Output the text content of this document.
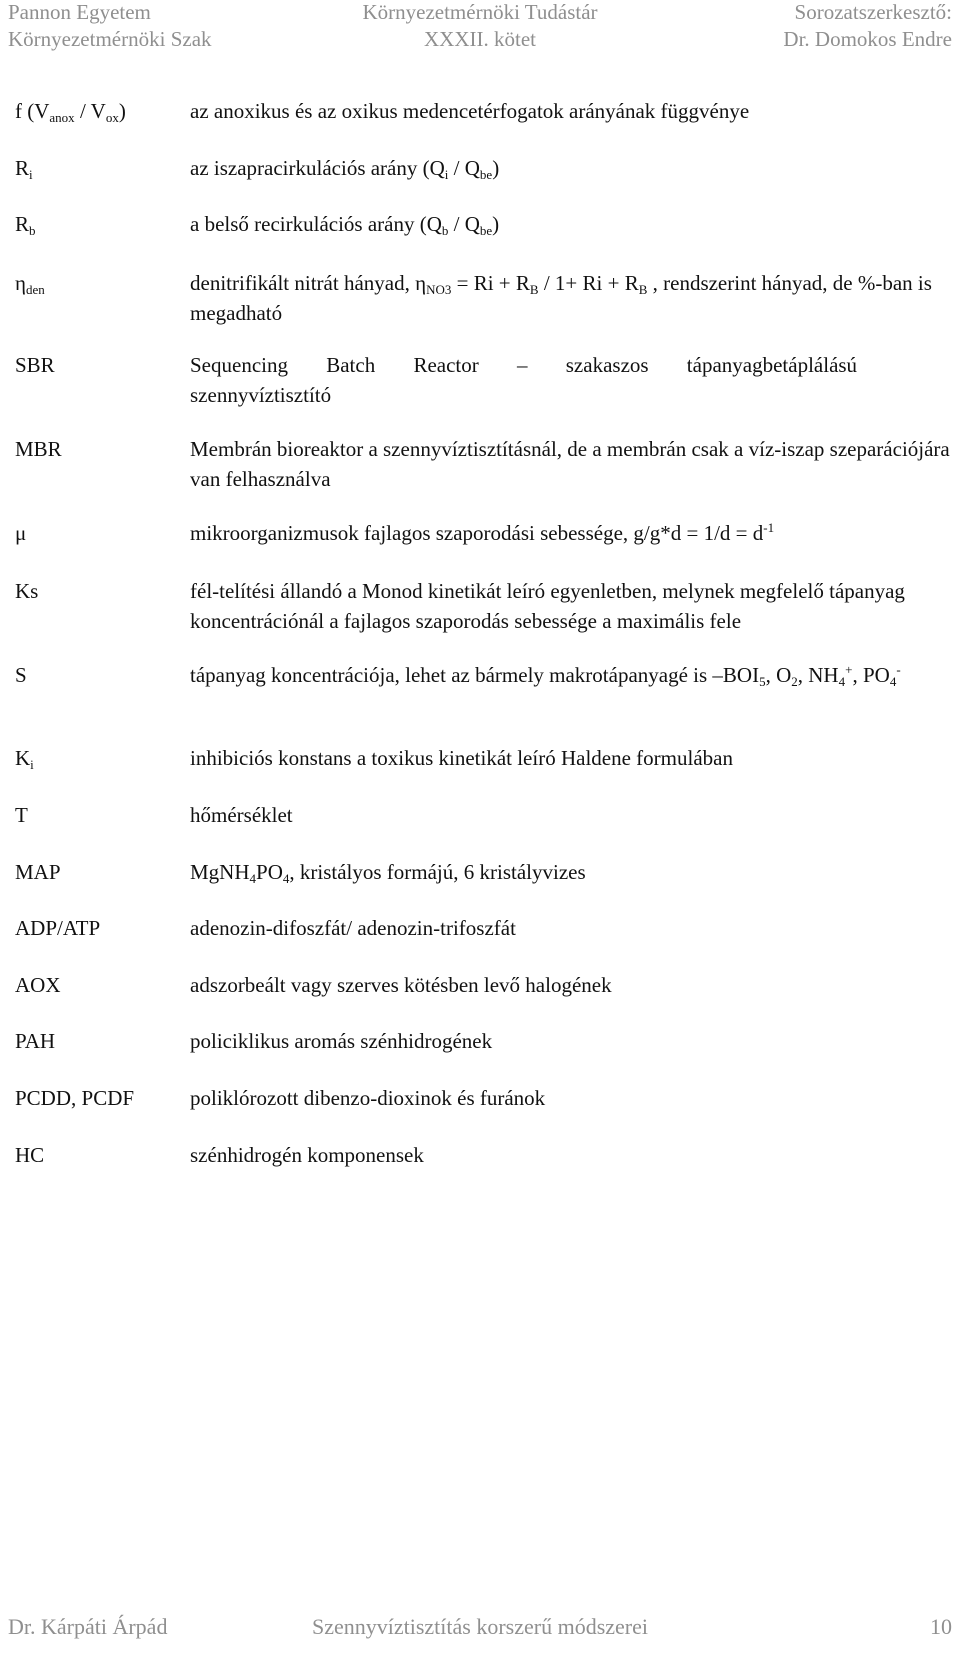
Pannon Egyetem	Környezetmérnöki Tudástár	Sorozatszerkesztő:
Környezetmérnöki Szak	XXXII. kötet	Dr. Domokos Endre
f $(V_{anox} / V_{ox})$	az anoxikus és az oxikus medencetérfogatok arányának függvénye
$R_i$	az iszapracirkulációs arány $(Q_i / Q_{be})$
$R_b$	a belső recirkulációs arány $(Q_b / Q_{be})$
$\eta_{den}$	denitrifikált nitrát hányad, $\eta_{NO3} = Ri + R_B / 1+ Ri + R_B$ , rendszerint hányad, de %-ban is megadható
SBR	Sequencing Batch Reactor – szakaszos tápanyagbetáplálású szennyvíztisztító
MBR	Membrán bioreaktor a szennyvíztisztításnál, de a membrán csak a víz-iszap szeparációjára van felhasználva
μ	mikroorganizmusok fajlagos szaporodási sebessége, $g/g*d = 1/d = d^{-1}$
Ks	fél-telítési állandó a Monod kinetikát leíró egyenletben, melynek megfelelő tápanyag koncentrációnál a fajlagos szaporodás sebessége a maximális fele
S	tápanyag koncentrációja, lehet az bármely makrotápanyagé is $-BOI_5$, $O_2$, $NH_4^+$, $PO_4^-$
$K_i$	inhibiciós konstans a toxikus kinetikát leíró Haldene formulában
T	hőmérséklet
MAP	$MgNH_4PO_4$, kristályos formájú, 6 kristályvizes
ADP/ATP	adenozin-difoszfát/ adenozin-trifoszfát
AOX	adszorbeált vagy szerves kötésben levő halogének
PAH	policiklikus aromás szénhidrogének
PCDD, PCDF	poliklórozott dibenzo-dioxinok és furánok
HC	szénhidrogén komponensek
Dr. Kárpáti Árpád	Szennyvíztisztítás korszerű módszerei	10
